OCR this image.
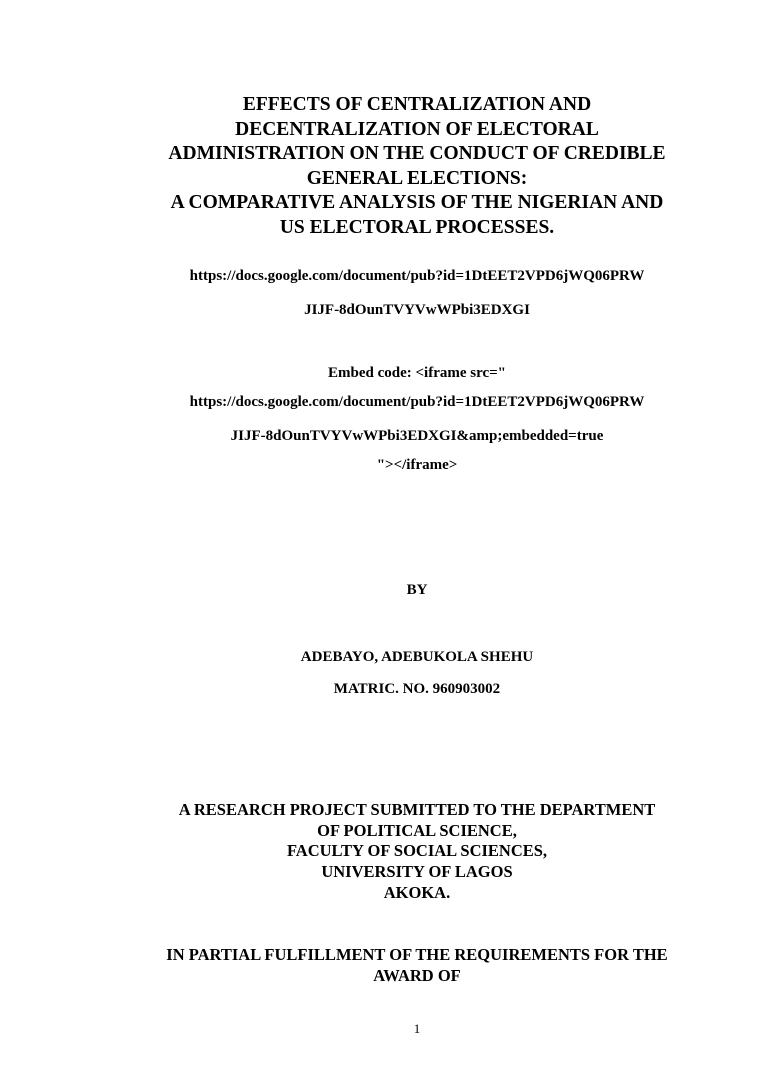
EFFECTS OF CENTRALIZATION AND
DECENTRALIZATION OF ELECTORAL
ADMINISTRATION ON THE CONDUCT OF CREDIBLE
GENERAL ELECTIONS:
A COMPARATIVE ANALYSIS OF THE NIGERIAN AND
US ELECTORAL PROCESSES.
https://docs.google.com/document/pub?id=1DtEET2VPD6jWQ06PRW
JIJF-8dOunTVYVwWPbi3EDXGI
Embed code: <iframe src="
https://docs.google.com/document/pub?id=1DtEET2VPD6jWQ06PRW
JIJF-8dOunTVYVwWPbi3EDXGI&amp;embedded=true
"></iframe>
BY
ADEBAYO, ADEBUKOLA SHEHU
MATRIC. NO. 960903002
A RESEARCH PROJECT SUBMITTED TO THE DEPARTMENT
OF POLITICAL SCIENCE,
FACULTY OF SOCIAL SCIENCES,
UNIVERSITY OF LAGOS
AKOKA.
IN PARTIAL FULFILLMENT OF THE REQUIREMENTS FOR THE
AWARD OF
1
